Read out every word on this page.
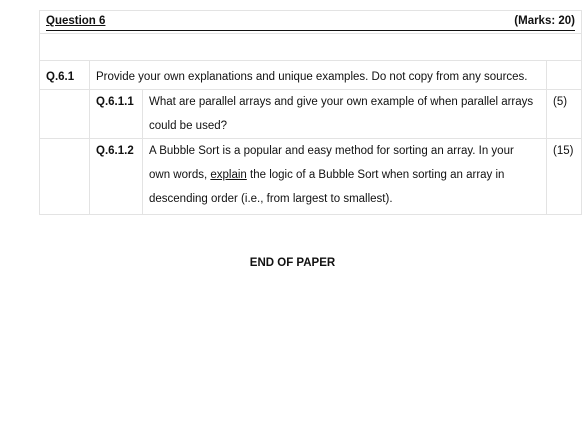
Question 6 (Marks: 20)			

Q.6.1	Provide your own explanations and unique examples. Do not copy from any sources.		
	Q.6.1.1	What are parallel arrays and give your own example of when parallel arrays could be used?	(5)
	Q.6.1.2	A Bubble Sort is a popular and easy method for sorting an array. In your own words, explain the logic of a Bubble Sort when sorting an array in descending order (i.e., from largest to smallest).	(15)
END OF PAPER
